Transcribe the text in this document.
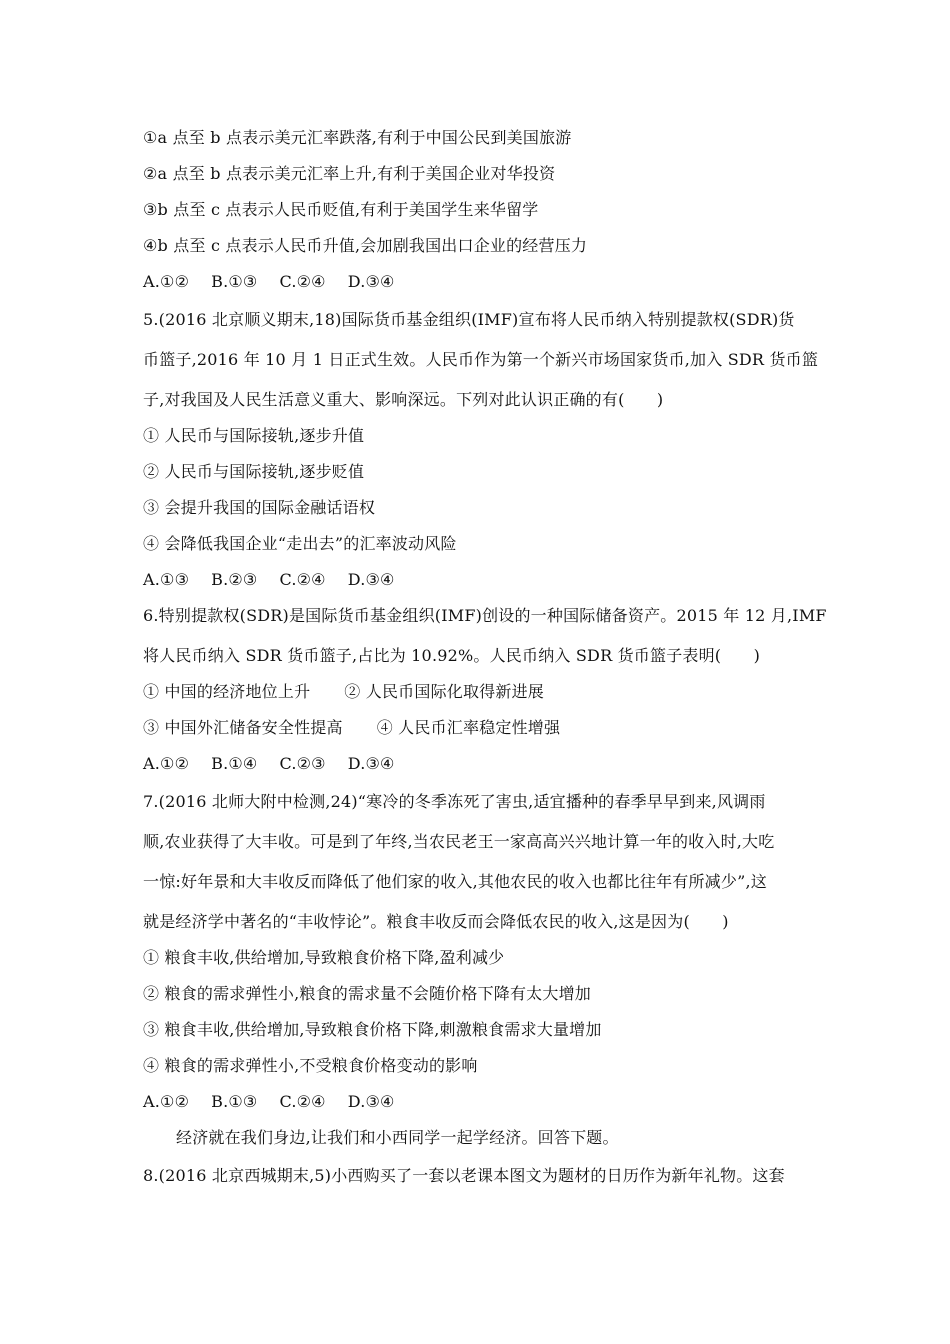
①a 点至 b 点表示美元汇率跌落,有利于中国公民到美国旅游
②a 点至 b 点表示美元汇率上升,有利于美国企业对华投资
③b 点至 c 点表示人民币贬值,有利于美国学生来华留学
④b 点至 c 点表示人民币升值,会加剧我国出口企业的经营压力
A.①② B.①③ C.②④ D.③④
5.(2016 北京顺义期末,18)国际货币基金组织(IMF)宣布将人民币纳入特别提款权(SDR)货
币篮子,2016 年 10 月 1 日正式生效。人民币作为第一个新兴市场国家货币,加入 SDR 货币篮
子,对我国及人民生活意义重大、影响深远。下列对此认识正确的有(　　)
① 人民币与国际接轨,逐步升值
② 人民币与国际接轨,逐步贬值
③ 会提升我国的国际金融话语权
④ 会降低我国企业“走出去”的汇率波动风险
A.①③ B.②③ C.②④ D.③④
6.特别提款权(SDR)是国际货币基金组织(IMF)创设的一种国际储备资产。2015 年 12 月,IMF
将人民币纳入 SDR 货币篮子,占比为 10.92%。人民币纳入 SDR 货币篮子表明(　　)
① 中国的经济地位上升 ② 人民币国际化取得新进展
③ 中国外汇储备安全性提高 ④ 人民币汇率稳定性增强
A.①② B.①④ C.②③ D.③④
7.(2016 北师大附中检测,24)“寒冷的冬季冻死了害虫,适宜播种的春季早早到来,风调雨
顺,农业获得了大丰收。可是到了年终,当农民老王一家高高兴兴地计算一年的收入时,大吃
一惊:好年景和大丰收反而降低了他们家的收入,其他农民的收入也都比往年有所减少”,这
就是经济学中著名的“丰收悖论”。粮食丰收反而会降低农民的收入,这是因为(　　)
① 粮食丰收,供给增加,导致粮食价格下降,盈利减少
② 粮食的需求弹性小,粮食的需求量不会随价格下降有太大增加
③ 粮食丰收,供给增加,导致粮食价格下降,刺激粮食需求大量增加
④ 粮食的需求弹性小,不受粮食价格变动的影响
A.①② B.①③ C.②④ D.③④
经济就在我们身边,让我们和小西同学一起学经济。回答下题。
8.(2016 北京西城期末,5)小西购买了一套以老课本图文为题材的日历作为新年礼物。这套
